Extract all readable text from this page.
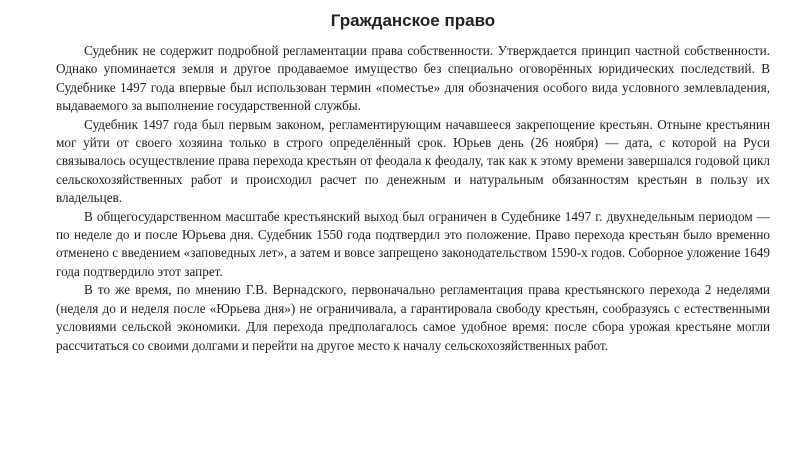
Гражданское право

Судебник не содержит подробной регламентации права собственности. Утверждается принцип частной собственности. Однако упоминается земля и другое продаваемое имущество без специально оговорённых юридических последствий. В Судебнике 1497 года впервые был использован термин «поместье» для обозначения особого вида условного землевладения, выдаваемого за выполнение государственной службы.

Судебник 1497 года был первым законом, регламентирующим начавшееся закрепощение крестьян. Отныне крестьянин мог уйти от своего хозяина только в строго определённый срок. Юрьев день (26 ноября) — дата, с которой на Руси связывалось осуществление права перехода крестьян от феодала к феодалу, так как к этому времени завершался годовой цикл сельскохозяйственных работ и происходил расчет по денежным и натуральным обязанностям крестьян в пользу их владельцев.

В общегосударственном масштабе крестьянский выход был ограничен в Судебнике 1497 г. двухнедельным периодом — по неделе до и после Юрьева дня. Судебник 1550 года подтвердил это положение. Право перехода крестьян было временно отменено с введением «заповедных лет», а затем и вовсе запрещено законодательством 1590-х годов. Соборное уложение 1649 года подтвердило этот запрет.

В то же время, по мнению Г.В. Вернадского, первоначально регламентация права крестьянского перехода 2 неделями (неделя до и неделя после «Юрьева дня») не ограничивала, а гарантировала свободу крестьян, сообразуясь с естественными условиями сельской экономики. Для перехода предполагалось самое удобное время: после сбора урожая крестьяне могли рассчитаться со своими долгами и перейти на другое место к началу сельскохозяйственных работ.
